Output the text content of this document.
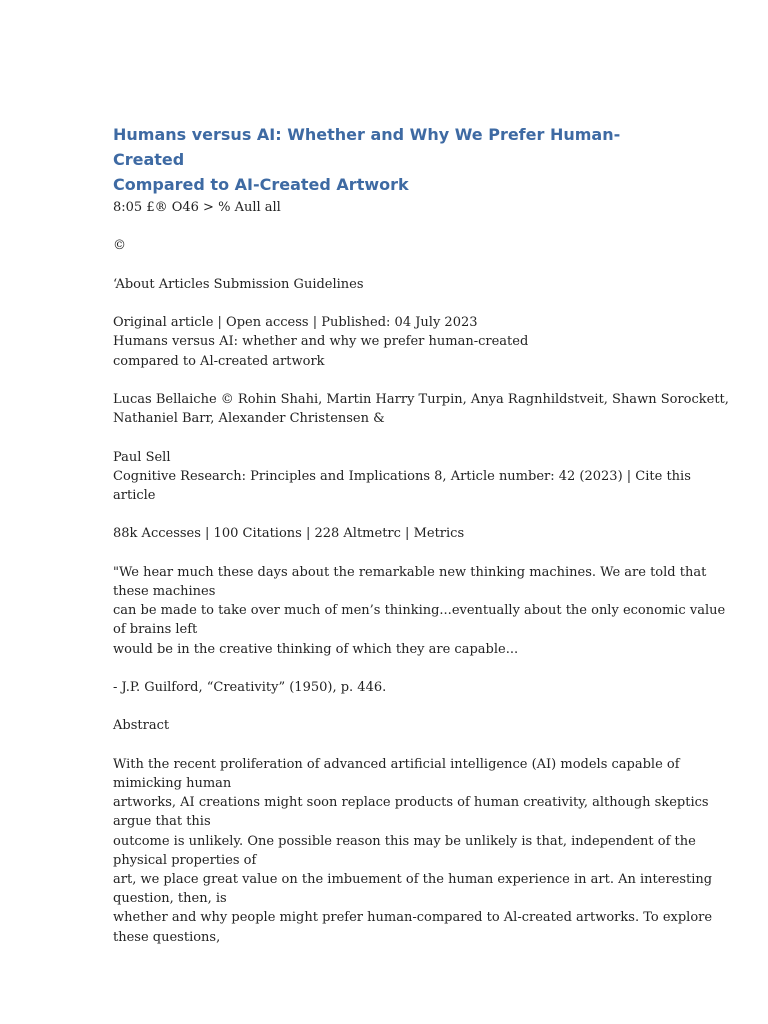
Humans versus AI: Whether and Why We Prefer Human-Created
Compared to AI-Created Artwork

8:05 £® O46 > % Aull all

©

‘About Articles Submission Guidelines

Original article | Open access | Published: 04 July 2023
Humans versus AI: whether and why we prefer human-created
compared to Al-created artwork
Lucas Bellaiche © Rohin Shahi, Martin Harry Turpin, Anya Ragnhildstveit, Shawn Sorockett,
Nathaniel Barr, Alexander Christensen &
Paul Sell
Cognitive Research: Principles and Implications 8, Article number: 42 (2023) | Cite this
article

88k Accesses | 100 Citations | 228 Altmetrc | Metrics

"We hear much these days about the remarkable new thinking machines. We are told that
these machines
can be made to take over much of men’s thinking...eventually about the only economic value
of brains left
would be in the creative thinking of which they are capable...

- J.P. Guilford, “Creativity” (1950), p. 446.

Abstract

With the recent proliferation of advanced artificial intelligence (AI) models capable of
mimicking human
artworks, AI creations might soon replace products of human creativity, although skeptics
argue that this
outcome is unlikely. One possible reason this may be unlikely is that, independent of the
physical properties of
art, we place great value on the imbuement of the human experience in art. An interesting
question, then, is
whether and why people might prefer human-compared to Al-created artworks. To explore
these questions,
